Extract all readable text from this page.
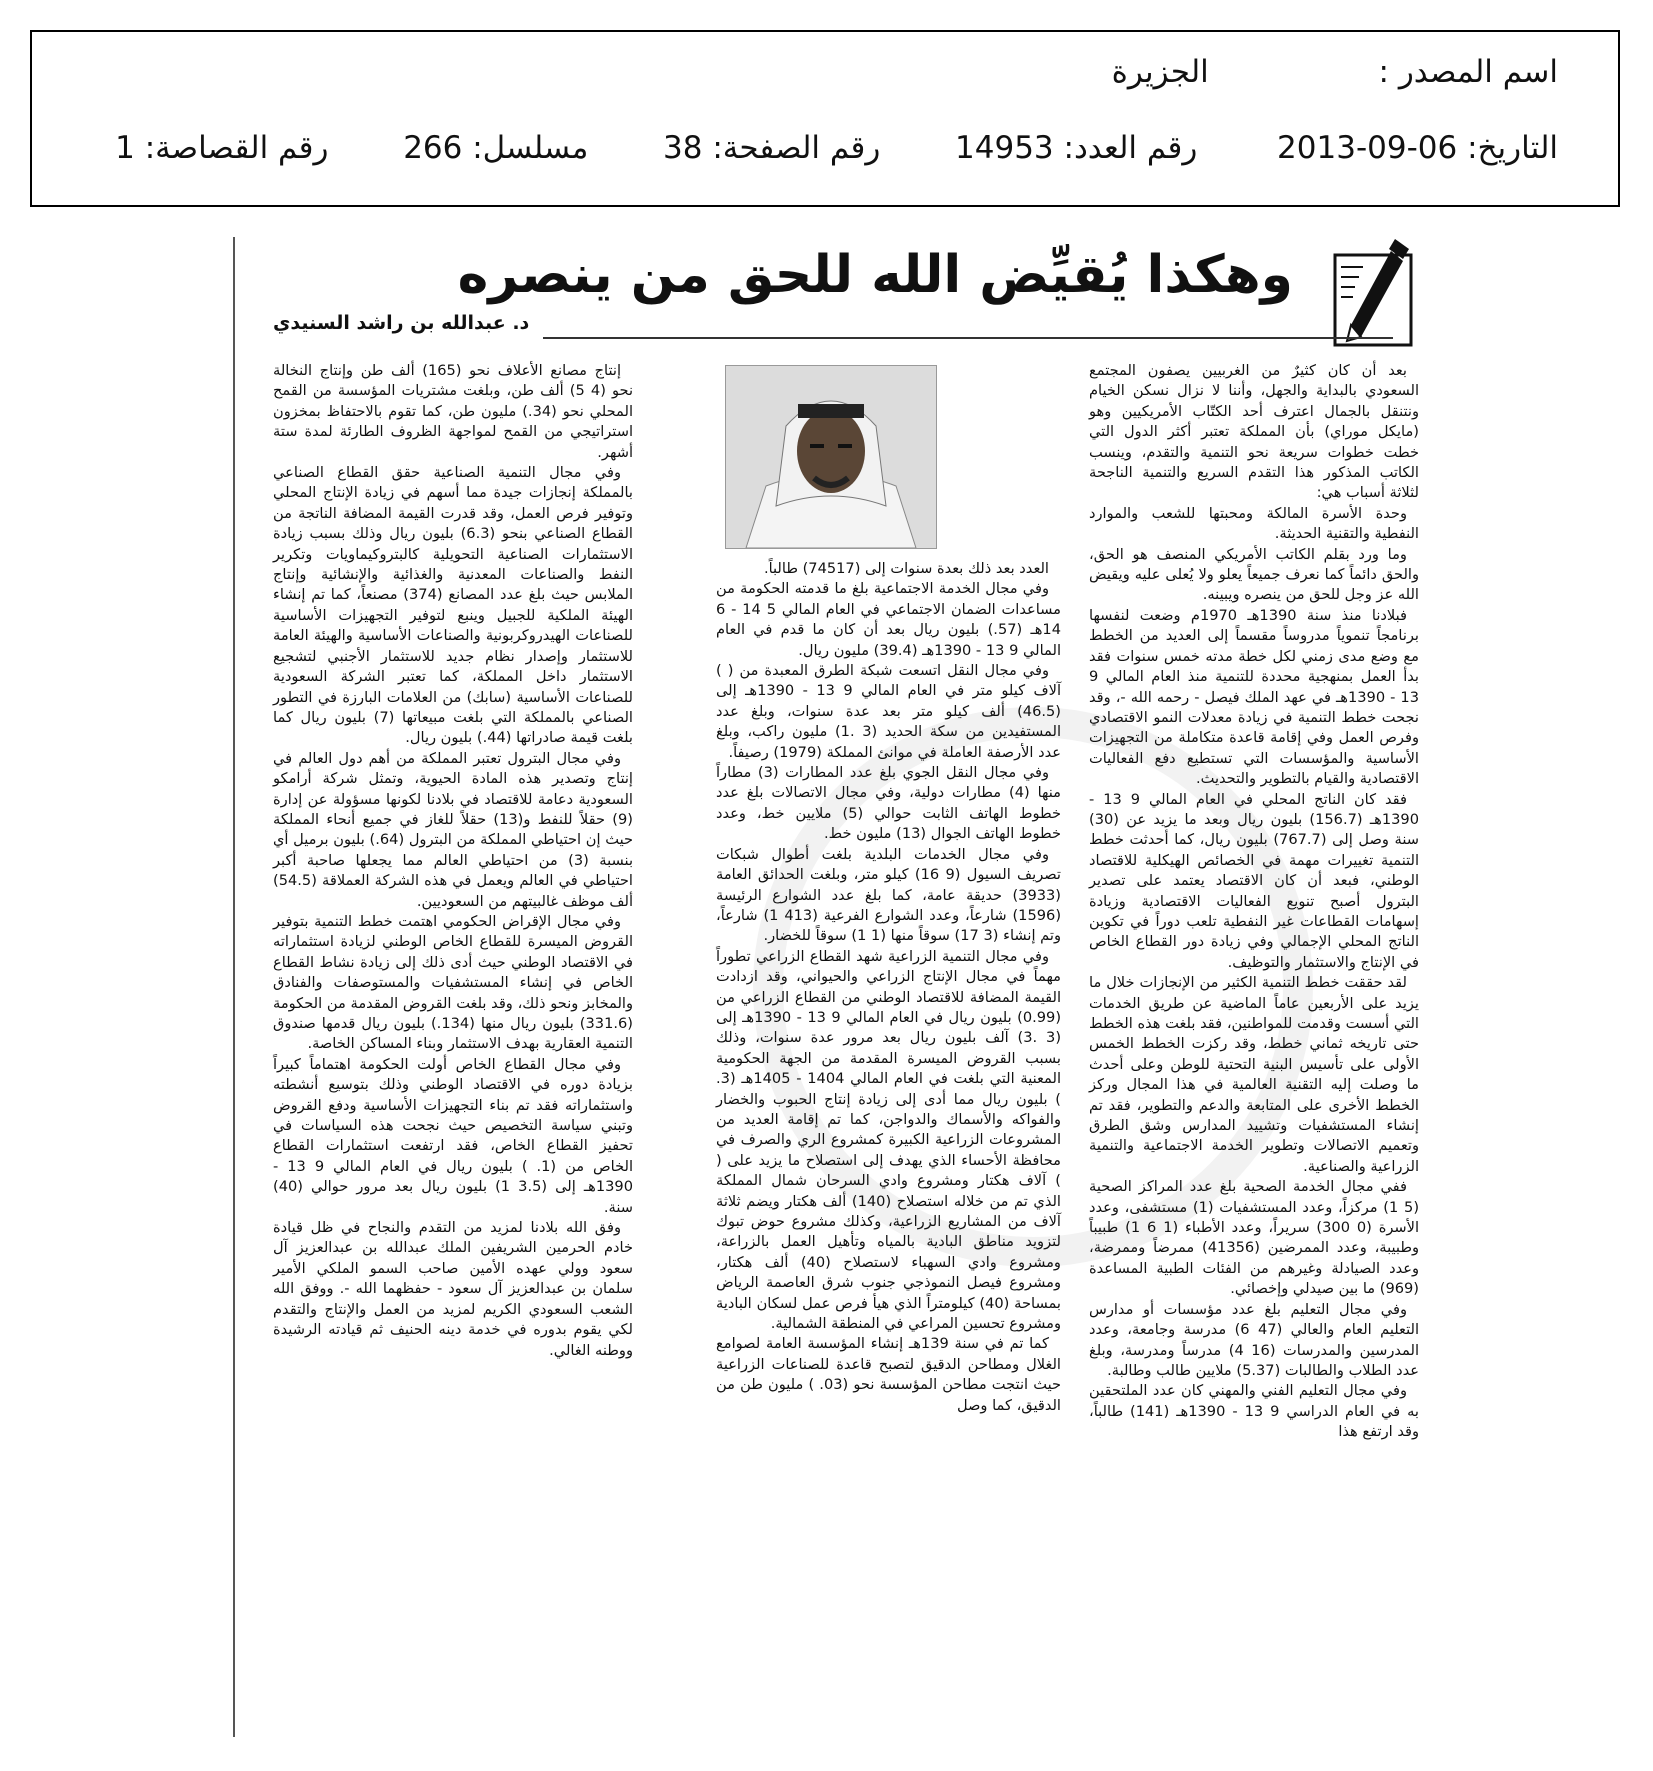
اسم المصدر :  الجزيرة
التاريخ: 06-09-2013  رقم العدد: 14953  رقم الصفحة: 38  مسلسل: 266  رقم القصاصة: 1
وهكذا يُقيِّض الله للحق من ينصره
د. عبدالله بن راشد السنيدي

بعد أن كان كثيرٌ من الغربيين يصفون المجتمع السعودي بالبداية والجهل، وأننا لا نزال نسكن الخيام ونتنقل بالجمال اعترف أحد الكتّاب الأمريكيين وهو (مايكل موراي) بأن المملكة تعتبر أكثر الدول التي خطت خطوات سريعة نحو التنمية والتقدم، وينسب الكاتب المذكور هذا التقدم السريع والتنمية الناجحة لثلاثة أسباب هي:

وحدة الأسرة المالكة ومحبتها للشعب والموارد النفطية والتقنية الحديثة.

وما ورد بقلم الكاتب الأمريكي المنصف هو الحق، والحق دائماً كما نعرف جميعاً يعلو ولا يُعلى عليه ويقيض الله عز وجل للحق من ينصره ويبينه.

فبلادنا منذ سنة 1390هـ 1970م وضعت لنفسها برنامجاً تنموياً مدروساً مقسماً إلى العديد من الخطط مع وضع مدى زمني لكل خطة مدته خمس سنوات فقد بدأ العمل بمنهجية محددة للتنمية منذ العام المالي 9 13 - 1390هـ في عهد الملك فيصل - رحمه الله -، وقد نجحت خطط التنمية في زيادة معدلات النمو الاقتصادي وفرص العمل وفي إقامة قاعدة متكاملة من التجهيزات الأساسية والمؤسسات التي تستطيع دفع الفعاليات الاقتصادية والقيام بالتطوير والتحديث.

فقد كان الناتج المحلي في العام المالي 9 13 - 1390هـ (156.7) بليون ريال وبعد ما يزيد عن (30) سنة وصل إلى (767.7) بليون ريال، كما أحدثت خطط التنمية تغييرات مهمة في الخصائص الهيكلية للاقتصاد الوطني، فبعد أن كان الاقتصاد يعتمد على تصدير البترول أصبح تنويع الفعاليات الاقتصادية وزيادة إسهامات القطاعات غير النفطية تلعب دوراً في تكوين الناتج المحلي الإجمالي وفي زيادة دور القطاع الخاص في الإنتاج والاستثمار والتوظيف.

لقد حققت خطط التنمية الكثير من الإنجازات خلال ما يزيد على الأربعين عاماً الماضية عن طريق الخدمات التي أسست وقدمت للمواطنين، فقد بلغت هذه الخطط حتى تاريخه ثماني خطط، وقد ركزت الخطط الخمس الأولى على تأسيس البنية التحتية للوطن وعلى أحدث ما وصلت إليه التقنية العالمية في هذا المجال وركز الخطط الأخرى على المتابعة والدعم والتطوير، فقد تم إنشاء المستشفيات وتشييد المدارس وشق الطرق وتعميم الاتصالات وتطوير الخدمة الاجتماعية والتنمية الزراعية والصناعية.

ففي مجال الخدمة الصحية بلغ عدد المراكز الصحية (5 1) مركزاً، وعدد المستشفيات (1) مستشفى، وعدد الأسرة (0 300) سريراً، وعدد الأطباء (1 6 1) طبيباً وطبيبة، وعدد الممرضين (41356) ممرضاً وممرضة، وعدد الصيادلة وغيرهم من الفئات الطبية المساعدة (969) ما بين صيدلي وإخصائي.

وفي مجال التعليم بلغ عدد مؤسسات أو مدارس التعليم العام والعالي (47 6) مدرسة وجامعة، وعدد المدرسين والمدرسات (16 4) مدرساً ومدرسة، وبلغ عدد الطلاب والطالبات (5.37) ملايين طالب وطالبة.

وفي مجال التعليم الفني والمهني كان عدد الملتحقين به في العام الدراسي 9 13 - 1390هـ (141) طالباً، وقد ارتفع هذا

العدد بعد ذلك بعدة سنوات إلى (74517) طالباً.

وفي مجال الخدمة الاجتماعية بلغ ما قدمته الحكومة من مساعدات الضمان الاجتماعي في العام المالي 5 14 - 6 14هـ (57.) بليون ريال بعد أن كان ما قدم في العام المالي 9 13 - 1390هـ (39.4) مليون ريال.

وفي مجال النقل اتسعت شبكة الطرق المعبدة من ( ) آلاف كيلو متر في العام المالي 9 13 - 1390هـ إلى (46.5) ألف كيلو متر بعد عدة سنوات، وبلغ عدد المستفيدين من سكة الحديد (3 .1) مليون راكب، وبلغ عدد الأرصفة العاملة في موانئ المملكة (1979) رصيفاً.

وفي مجال النقل الجوي بلغ عدد المطارات (3) مطاراً منها (4) مطارات دولية، وفي مجال الاتصالات بلغ عدد خطوط الهاتف الثابت حوالي (5) ملايين خط، وعدد خطوط الهاتف الجوال (13) مليون خط.

وفي مجال الخدمات البلدية بلغت أطوال شبكات تصريف السيول (9 16) كيلو متر، وبلغت الحدائق العامة (3933) حديقة عامة، كما بلغ عدد الشوارع الرئيسة (1596) شارعاً، وعدد الشوارع الفرعية (413 1) شارعاً، وتم إنشاء (3 17) سوقاً منها (1 1) سوقاً للخضار.

وفي مجال التنمية الزراعية شهد القطاع الزراعي تطوراً مهماً في مجال الإنتاج الزراعي والحيواني، وقد ازدادت القيمة المضافة للاقتصاد الوطني من القطاع الزراعي من (0.99) بليون ريال في العام المالي 9 13 - 1390هـ إلى (3 .3) آلف بليون ريال بعد مرور عدة سنوات، وذلك بسبب القروض الميسرة المقدمة من الجهة الحكومية المعنية التي بلغت في العام المالي 1404 - 1405هـ (3. ) بليون ريال مما أدى إلى زيادة إنتاج الحبوب والخضار والفواكه والأسماك والدواجن، كما تم إقامة العديد من المشروعات الزراعية الكبيرة كمشروع الري والصرف في محافظة الأحساء الذي يهدف إلى استصلاح ما يزيد على ( ) آلاف هكتار ومشروع وادي السرحان شمال المملكة الذي تم من خلاله استصلاح (140) ألف هكتار ويضم ثلاثة آلاف من المشاريع الزراعية، وكذلك مشروع حوض تبوك لتزويد مناطق البادية بالمياه وتأهيل العمل بالزراعة، ومشروع وادي السهباء لاستصلاح (40) ألف هكتار، ومشروع فيصل النموذجي جنوب شرق العاصمة الرياض بمساحة (40) كيلومتراً الذي هيأ فرص عمل لسكان البادية ومشروع تحسين المراعي في المنطقة الشمالية.

كما تم في سنة 139هـ إنشاء المؤسسة العامة لصوامع الغلال ومطاحن الدقيق لتصبح قاعدة للصناعات الزراعية حيث انتجت مطاحن المؤسسة نحو (03. ) مليون طن من الدقيق، كما وصل

إنتاج مصانع الأعلاف نحو (165) ألف طن وإنتاج النخالة نحو (4 5) ألف طن، وبلغت مشتريات المؤسسة من القمح المحلي نحو (34.) مليون طن، كما تقوم بالاحتفاظ بمخزون استراتيجي من القمح لمواجهة الظروف الطارئة لمدة ستة أشهر.

وفي مجال التنمية الصناعية حقق القطاع الصناعي بالمملكة إنجازات جيدة مما أسهم في زيادة الإنتاج المحلي وتوفير فرص العمل، وقد قدرت القيمة المضافة الناتجة من القطاع الصناعي بنحو (6.3) بليون ريال وذلك بسبب زيادة الاستثمارات الصناعية التحويلية كالبتروكيماويات وتكرير النفط والصناعات المعدنية والغذائية والإنشائية وإنتاج الملابس حيث بلغ عدد المصانع (374) مصنعاً، كما تم إنشاء الهيئة الملكية للجبيل وينبع لتوفير التجهيزات الأساسية للصناعات الهيدروكربونية والصناعات الأساسية والهيئة العامة للاستثمار وإصدار نظام جديد للاستثمار الأجنبي لتشجيع الاستثمار داخل المملكة، كما تعتبر الشركة السعودية للصناعات الأساسية (سابك) من العلامات البارزة في التطور الصناعي بالمملكة التي بلغت مبيعاتها (7) بليون ريال كما بلغت قيمة صادراتها (44.) بليون ريال.

وفي مجال البترول تعتبر المملكة من أهم دول العالم في إنتاج وتصدير هذه المادة الحيوية، وتمثل شركة أرامكو السعودية دعامة للاقتصاد في بلادنا لكونها مسؤولة عن إدارة (9) حقلاً للنفط و(13) حقلاً للغاز في جميع أنحاء المملكة حيث إن احتياطي المملكة من البترول (64.) بليون برميل أي بنسبة (3) من احتياطي العالم مما يجعلها صاحبة أكبر احتياطي في العالم ويعمل في هذه الشركة العملاقة (54.5) ألف موظف غالبيتهم من السعوديين.

وفي مجال الإقراض الحكومي اهتمت خطط التنمية بتوفير القروض الميسرة للقطاع الخاص الوطني لزيادة استثماراته في الاقتصاد الوطني حيث أدى ذلك إلى زيادة نشاط القطاع الخاص في إنشاء المستشفيات والمستوصفات والفنادق والمخابز ونحو ذلك، وقد بلغت القروض المقدمة من الحكومة (331.6) بليون ريال منها (134.) بليون ريال قدمها صندوق التنمية العقارية بهدف الاستثمار وبناء المساكن الخاصة.

وفي مجال القطاع الخاص أولت الحكومة اهتماماً كبيراً بزيادة دوره في الاقتصاد الوطني وذلك بتوسيع أنشطته واستثماراته فقد تم بناء التجهيزات الأساسية ودفع القروض وتبني سياسة التخصيص حيث نجحت هذه السياسات في تحفيز القطاع الخاص، فقد ارتفعت استثمارات القطاع الخاص من (1. ) بليون ريال في العام المالي 9 13 - 1390هـ إلى (3.5 1) بليون ريال بعد مرور حوالي (40) سنة.

وفق الله بلادنا لمزيد من التقدم والنجاح في ظل قيادة خادم الحرمين الشريفين الملك عبدالله بن عبدالعزيز آل سعود وولي عهده الأمين صاحب السمو الملكي الأمير سلمان بن عبدالعزيز آل سعود - حفظهما الله -. ووفق الله الشعب السعودي الكريم لمزيد من العمل والإنتاج والتقدم لكي يقوم بدوره في خدمة دينه الحنيف ثم قيادته الرشيدة ووطنه الغالي.
